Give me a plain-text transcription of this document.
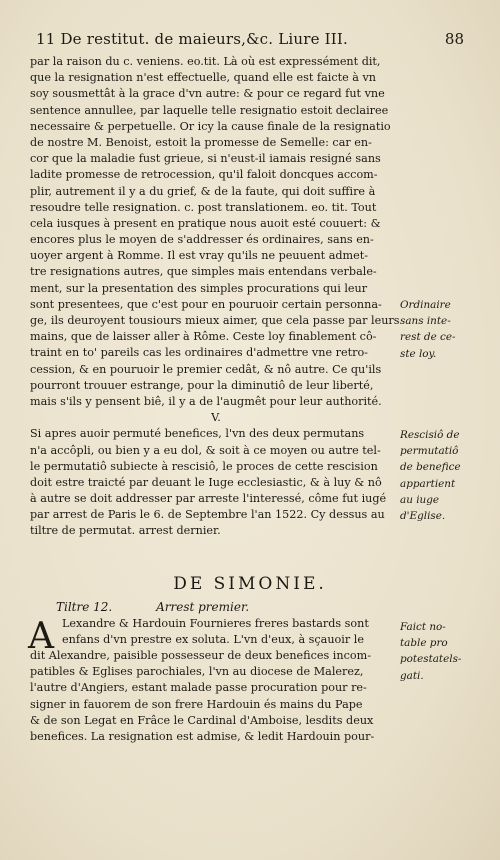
11 De restitut. de maieurs,&c. Liure III.	88
par la raison du c. veniens. eo.tit. Là où est expressément dit,
que la resignation n'est effectuelle, quand elle est faicte à vn
soy sousmettât à la grace d'vn autre: & pour ce regard fut vne
sentence annullee, par laquelle telle resignatio estoit declairee
necessaire & perpetuelle. Or icy la cause finale de la resignatio
de nostre M. Benoist, estoit la promesse de Semelle: car en-
cor que la maladie fust grieue, si n'eust-il iamais resigné sans
ladite promesse de retrocession, qu'il faloit doncques accom-
plir, autrement il y a du grief, & de la faute, qui doit suffire à
resoudre telle resignation. c. post translationem. eo. tit. Tout
cela iusques à present en pratique nous auoit esté couuert: &
encores plus le moyen de s'addresser és ordinaires, sans en-
uoyer argent à Romme. Il est vray qu'ils ne peuuent admet-
tre resignations autres, que simples mais entendans verbale-
ment, sur la presentation des simples procurations qui leur
sont presentees, que c'est pour en pouruoir certain personna-
ge, ils deuroyent tousiours mieux aimer, que cela passe par leurs
mains, que de laisser aller à Rôme. Ceste loy finablement cô-
traint en to' pareils cas les ordinaires d'admettre vne retro-
cession, & en pouruoir le premier cedât, & nô autre. Ce qu'ils
pourront trouuer estrange, pour la diminutiô de leur liberté,
mais s'ils y pensent biê, il y a de l'augmêt pour leur authorité.
V.
Si apres auoir permuté benefices, l'vn des deux permutans
n'a accôpli, ou bien y a eu dol, & soit à ce moyen ou autre tel-
le permutatiô subiecte à rescisiô, le proces de cette rescision
doit estre traicté par deuant le Iuge ecclesiastic, & à luy & nô
à autre se doit addresser par arreste l'interessé, côme fut iugé
par arrest de Paris le 6. de Septembre l'an 1522. Cy dessus au
tiltre de permutat. arrest dernier.
Ordinaire
sans inte-
rest de ce-
ste loy.
Rescisiô de
permutatiô
de benefice
appartient
au iuge
d'Eglise.
DE SIMONIE.
Tiltre 12.	Arrest premier.
A Lexandre & Hardouin Fournieres freres bastards sont
enfans d'vn prestre ex soluta. L'vn d'eux, à sçauoir le
dit Alexandre, paisible possesseur de deux benefices incom-
patibles & Eglises parochiales, l'vn au diocese de Malerez,
l'autre d'Angiers, estant malade passe procuration pour re-
signer in fauorem de son frere Hardouin és mains du Pape
& de son Legat en Frâce le Cardinal d'Amboise, lesdits deux
benefices. La resignation est admise, & ledit Hardouin pour-
Faict no-
table pro
potestatels-
gati.
